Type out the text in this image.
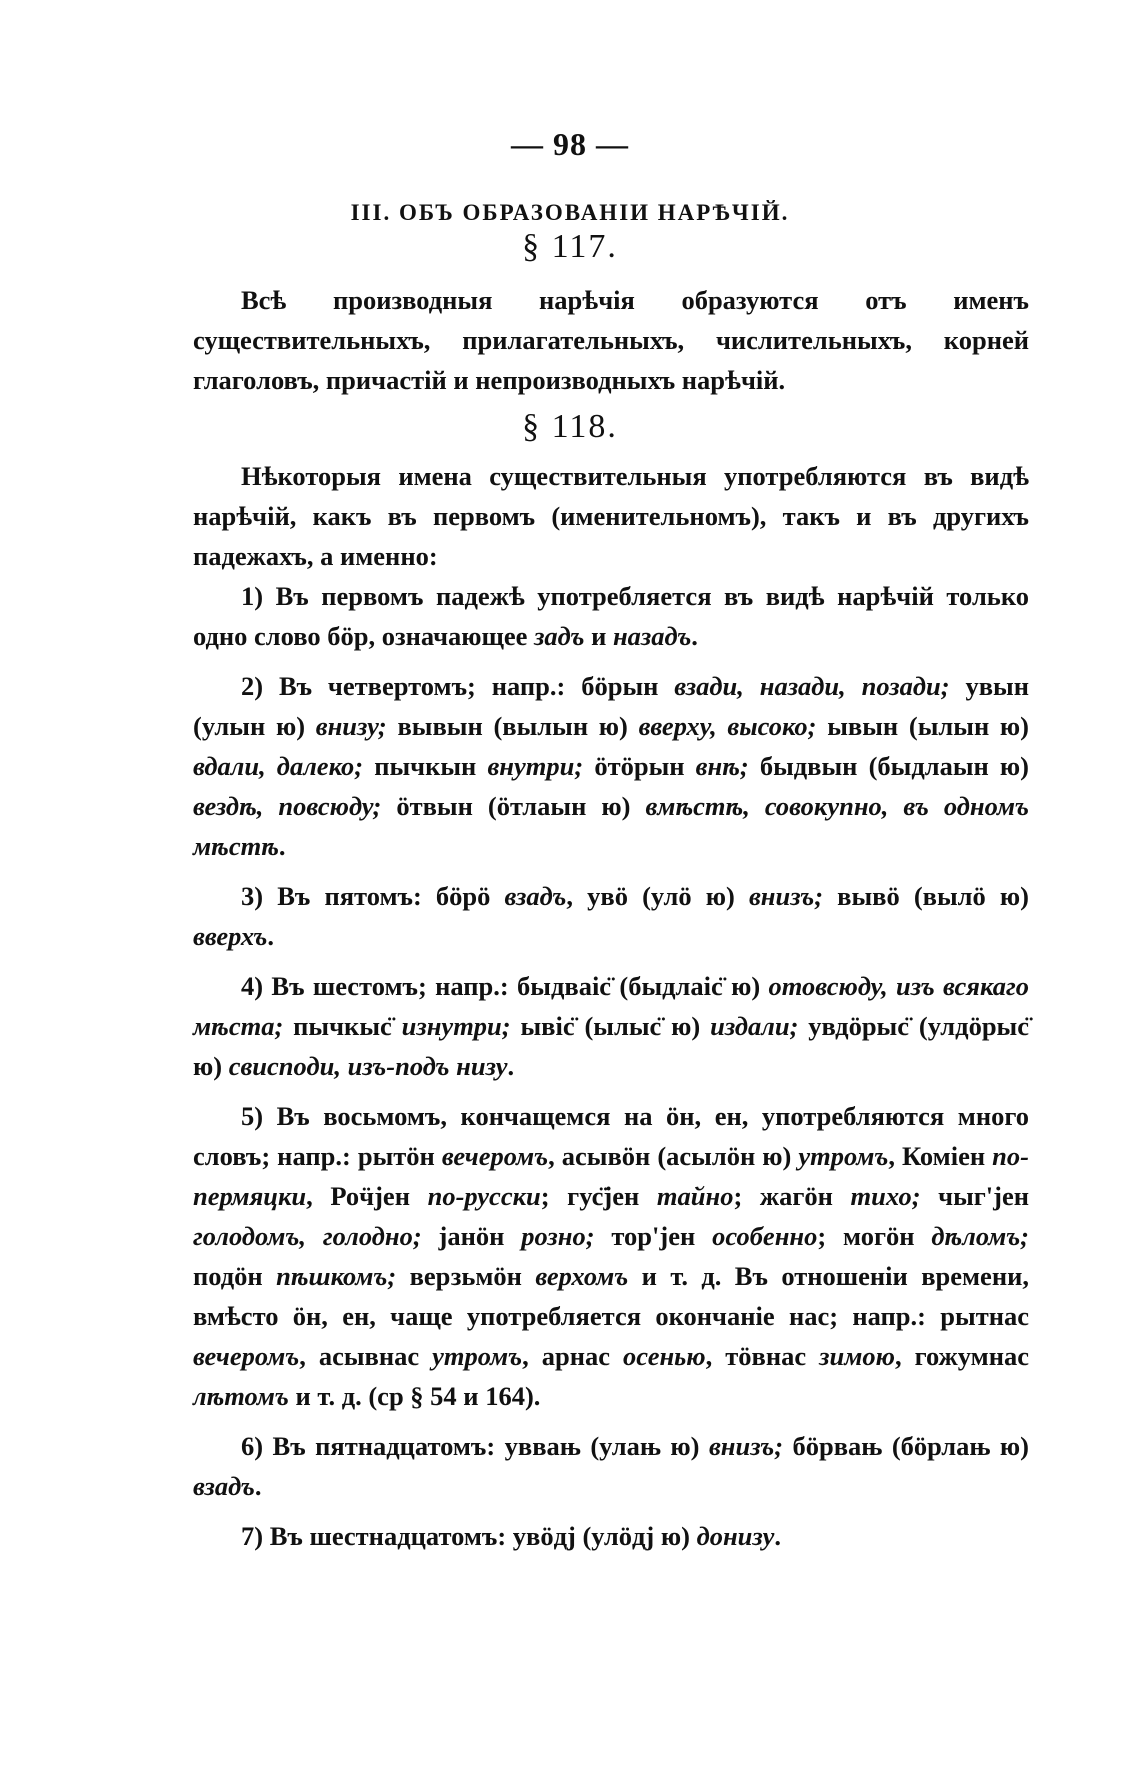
— 98 —
III. ОБЪ ОБРАЗОВАНІИ НАРѢЧІЙ.
§ 117.

Всѣ производныя нарѣчія образуются отъ именъ существительныхъ, прилагательныхъ, числительныхъ, корней глаголовъ, причастій и непроизводныхъ нарѣчій.

§ 118.

Нѣкоторыя имена существительныя употребляются въ видѣ нарѣчій, какъ въ первомъ (именительномъ), такъ и въ другихъ падежахъ, а именно:

1) Въ первомъ падежѣ употребляется въ видѣ нарѣчій только одно слово бӧр, означающее задъ и назадъ.

2) Въ четвертомъ; напр.: бӧрын взади, назади, позади; увын (улын ю) внизу; вывын (вылын ю) вверху, высоко; ывын (ылын ю) вдали, далеко; пычкын внутри; ӧтӧрын внѣ; быдвын (быдлаын ю) вездѣ, повсюду; ӧтвын (ӧтлаын ю) вмѣстѣ, совокупно, въ одномъ мѣстѣ.

3) Въ пятомъ: бӧрӧ взадъ, увӧ (улӧ ю) внизъ; вывӧ (вылӧ ю) вверхъ.

4) Въ шестомъ; напр.: быдваіс̈ (быдлаіс̈ ю) отовсюду, изъ всякаго мѣста; пычкыс̈ изнутри; ывіс̈ (ылыс̈ ю) издали; увдӧрыс̈ (улдӧрыс̈ ю) свисподи, изъ-подъ низу.

5) Въ восьмомъ, кончащемся на ӧн, ен, употребляются много словъ; напр.: рытӧн вечеромъ, асывӧн (асылӧн ю) утромъ, Коміен по-пермяцки, Роӵјен по-русски; гус̈јен тайно; жагӧн тихо; чыг'јен голодомъ, голодно; јанӧн розно; тор'јен особенно; могӧн дѣломъ; подӧн пѣшкомъ; верзьмӧн верхомъ и т. д. Въ отношеніи времени, вмѣсто ӧн, ен, чаще употребляется окончаніе нас; напр.: рытнас вечеромъ, асывнас утромъ, арнас осенью, тӧвнас зимою, гожумнас лѣтомъ и т. д. (ср § 54 и 164).

6) Въ пятнадцатомъ: уввањ (улањ ю) внизъ; бӧрвањ (бӧрлањ ю) взадъ.

7) Въ шестнадцатомъ: увӧдј (улӧдј ю) донизу.
